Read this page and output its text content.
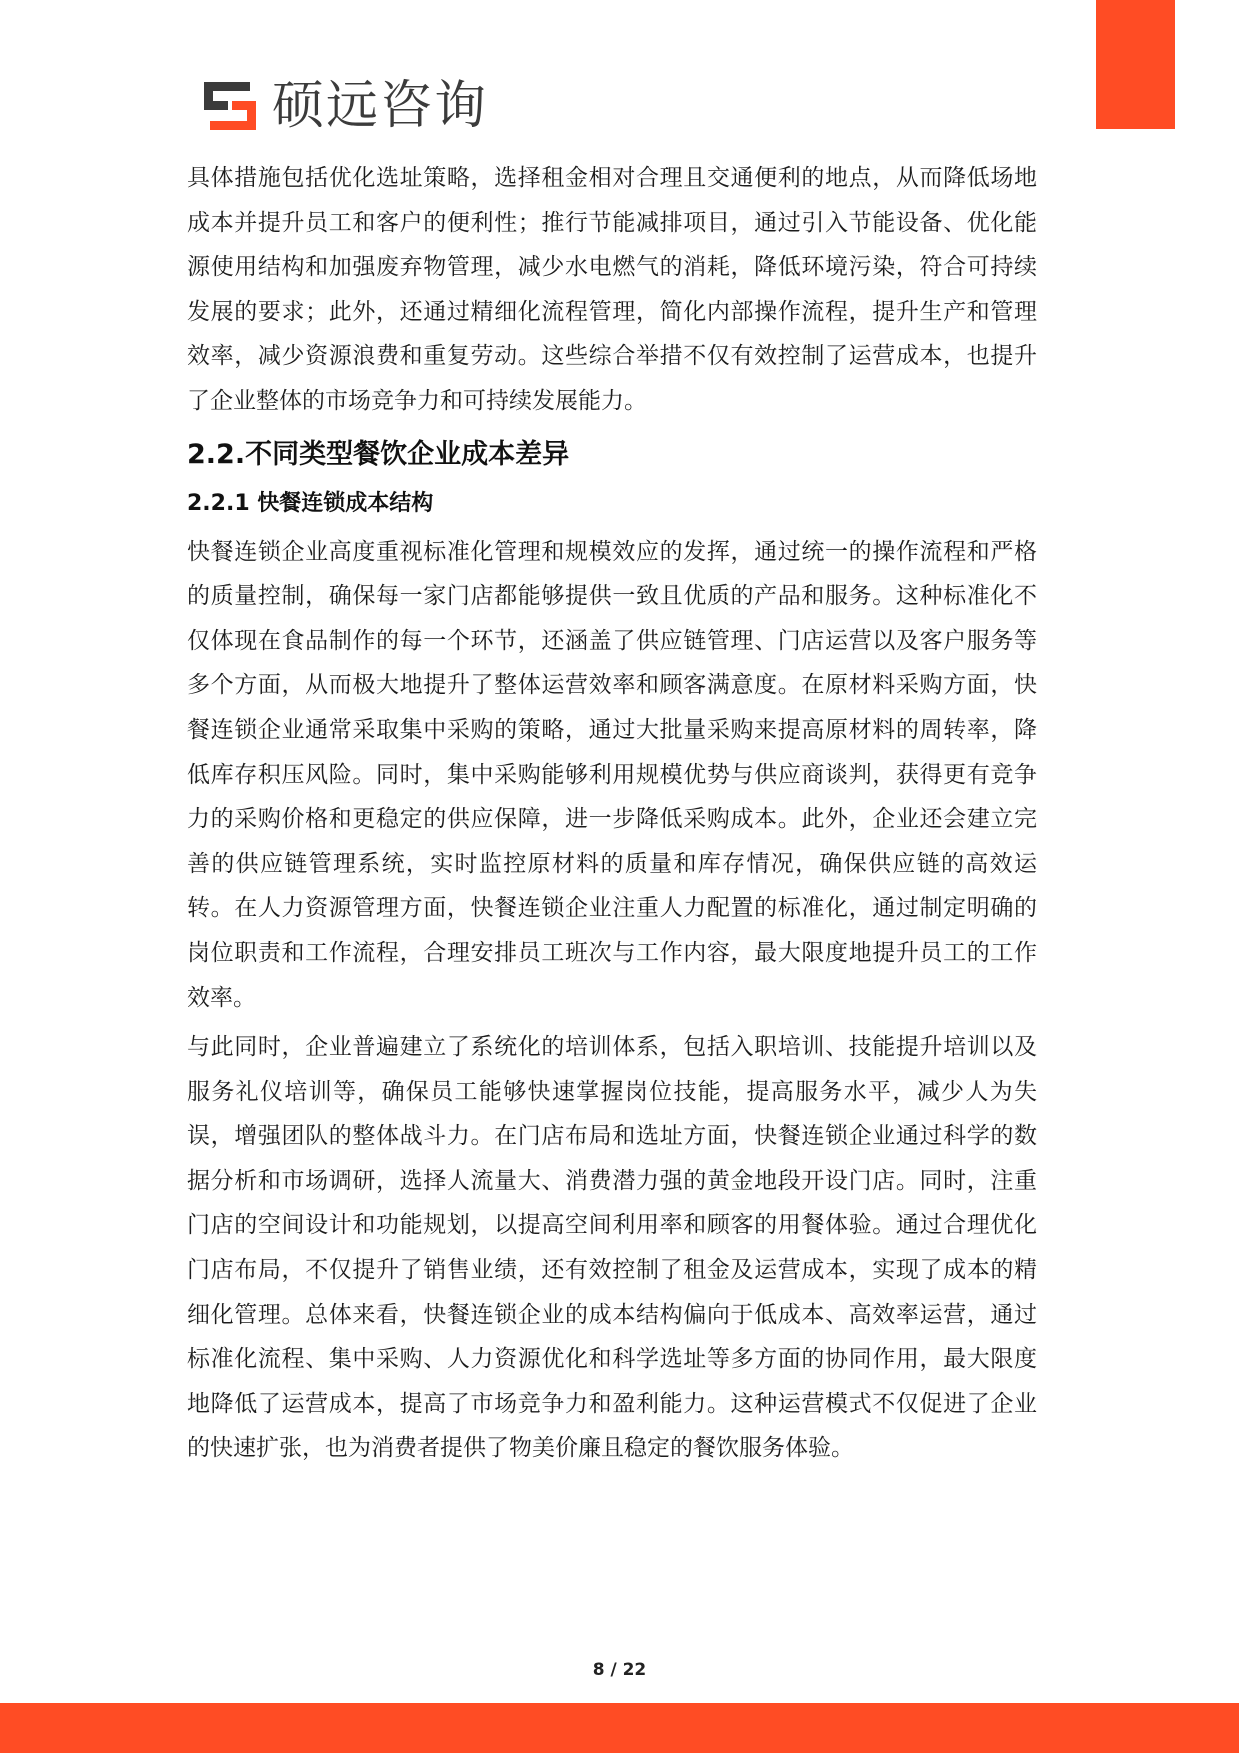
硕远咨询

具体措施包括优化选址策略，选择租金相对合理且交通便利的地点，从而降低场地成本并提升员工和客户的便利性；推行节能减排项目，通过引入节能设备、优化能源使用结构和加强废弃物管理，减少水电燃气的消耗，降低环境污染，符合可持续发展的要求；此外，还通过精细化流程管理，简化内部操作流程，提升生产和管理效率，减少资源浪费和重复劳动。这些综合举措不仅有效控制了运营成本，也提升了企业整体的市场竞争力和可持续发展能力。

2.2.不同类型餐饮企业成本差异
2.2.1 快餐连锁成本结构

快餐连锁企业高度重视标准化管理和规模效应的发挥，通过统一的操作流程和严格的质量控制，确保每一家门店都能够提供一致且优质的产品和服务。这种标准化不仅体现在食品制作的每一个环节，还涵盖了供应链管理、门店运营以及客户服务等多个方面，从而极大地提升了整体运营效率和顾客满意度。在原材料采购方面，快餐连锁企业通常采取集中采购的策略，通过大批量采购来提高原材料的周转率，降低库存积压风险。同时，集中采购能够利用规模优势与供应商谈判，获得更有竞争力的采购价格和更稳定的供应保障，进一步降低采购成本。此外，企业还会建立完善的供应链管理系统，实时监控原材料的质量和库存情况，确保供应链的高效运转。在人力资源管理方面，快餐连锁企业注重人力配置的标准化，通过制定明确的岗位职责和工作流程，合理安排员工班次与工作内容，最大限度地提升员工的工作效率。

与此同时，企业普遍建立了系统化的培训体系，包括入职培训、技能提升培训以及服务礼仪培训等，确保员工能够快速掌握岗位技能，提高服务水平，减少人为失误，增强团队的整体战斗力。在门店布局和选址方面，快餐连锁企业通过科学的数据分析和市场调研，选择人流量大、消费潜力强的黄金地段开设门店。同时，注重门店的空间设计和功能规划，以提高空间利用率和顾客的用餐体验。通过合理优化门店布局，不仅提升了销售业绩，还有效控制了租金及运营成本，实现了成本的精细化管理。总体来看，快餐连锁企业的成本结构偏向于低成本、高效率运营，通过标准化流程、集中采购、人力资源优化和科学选址等多方面的协同作用，最大限度地降低了运营成本，提高了市场竞争力和盈利能力。这种运营模式不仅促进了企业的快速扩张，也为消费者提供了物美价廉且稳定的餐饮服务体验。

8 / 22
